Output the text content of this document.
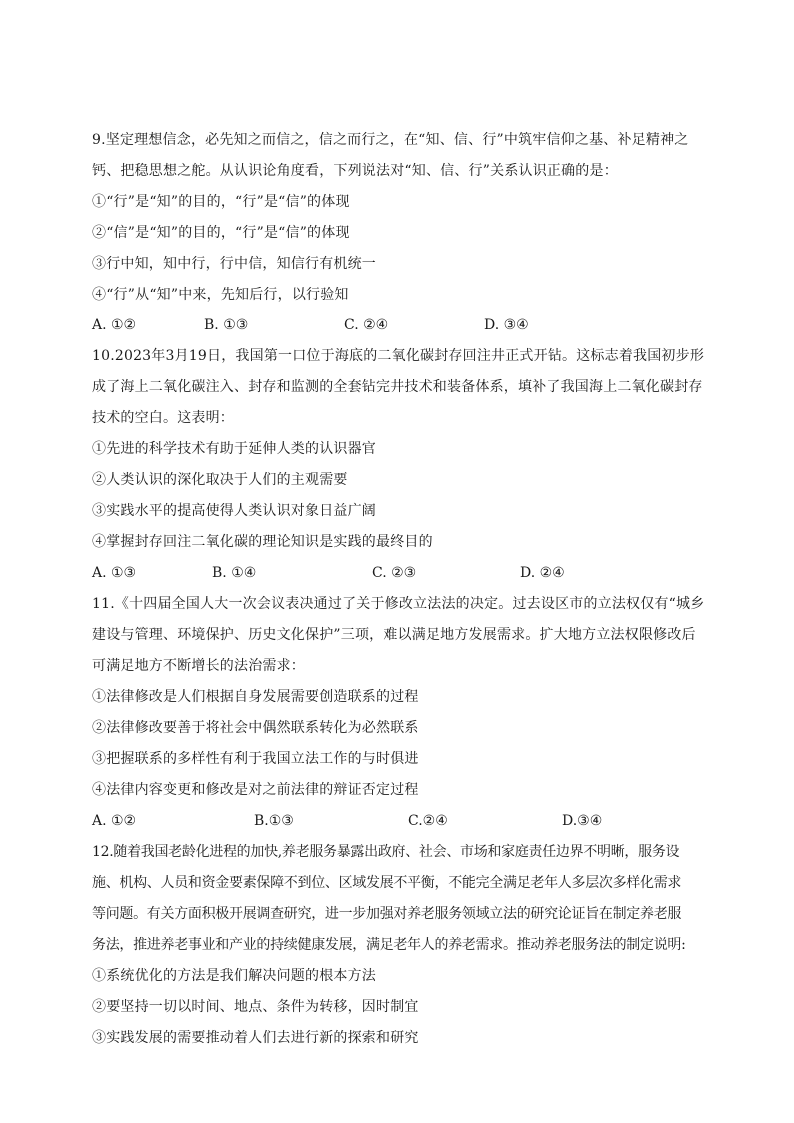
9.坚定理想信念，必先知之而信之，信之而行之，在“知、信、行”中筑牢信仰之基、补足精神之
钙、把稳思想之舵。从认识论角度看，下列说法对“知、信、行”关系认识正确的是：
①“行”是“知”的目的，“行”是“信”的体现
②“信”是“知”的目的，“行”是“信”的体现
③行中知，知中行，行中信，知信行有机统一
④“行”从“知”中来，先知后行，以行验知
A. ①②	B. ①③	C. ②④	D. ③④
10.2023年3月19日，我国第一口位于海底的二氧化碳封存回注井正式开钻。这标志着我国初步形
成了海上二氧化碳注入、封存和监测的全套钻完井技术和装备体系，填补了我国海上二氧化碳封存
技术的空白。这表明：
①先进的科学技术有助于延伸人类的认识器官
②人类认识的深化取决于人们的主观需要
③实践水平的提高使得人类认识对象日益广阔
④掌握封存回注二氧化碳的理论知识是实践的最终目的
A. ①③	B. ①④	C. ②③	D. ②④
11.《十四届全国人大一次会议表决通过了关于修改立法法的决定。过去设区市的立法权仅有“城乡
建设与管理、环境保护、历史文化保护”三项，难以满足地方发展需求。扩大地方立法权限修改后
可满足地方不断增长的法治需求：
①法律修改是人们根据自身发展需要创造联系的过程
②法律修改要善于将社会中偶然联系转化为必然联系
③把握联系的多样性有利于我国立法工作的与时俱进
④法律内容变更和修改是对之前法律的辩证否定过程
A. ①②	B.①③	C.②④	D.③④
12.随着我国老龄化进程的加快,养老服务暴露出政府、社会、市场和家庭责任边界不明晰，服务设
施、机构、人员和资金要素保障不到位、区域发展不平衡，不能完全满足老年人多层次多样化需求
等问题。有关方面积极开展调查研究，进一步加强对养老服务领域立法的研究论证旨在制定养老服
务法，推进养老事业和产业的持续健康发展，满足老年人的养老需求。推动养老服务法的制定说明:
①系统优化的方法是我们解决问题的根本方法
②要坚持一切以时间、地点、条件为转移，因时制宜
③实践发展的需要推动着人们去进行新的探索和研究
